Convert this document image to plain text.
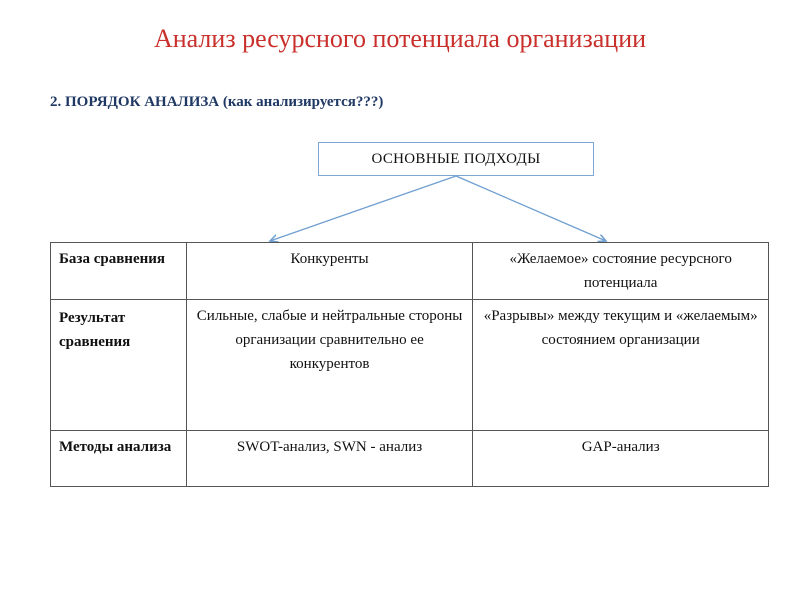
Анализ ресурсного потенциала организации
2. ПОРЯДОК АНАЛИЗА (как анализируется???)
ОСНОВНЫЕ ПОДХОДЫ
База сравнения	Конкуренты	«Желаемое» состояние ресурсного потенциала
Результат сравнения	Сильные, слабые и нейтральные стороны организации сравнительно ее конкурентов	«Разрывы» между текущим и «желаемым» состоянием организации
Методы анализа	SWOT-анализ, SWN - анализ	GAP-анализ
